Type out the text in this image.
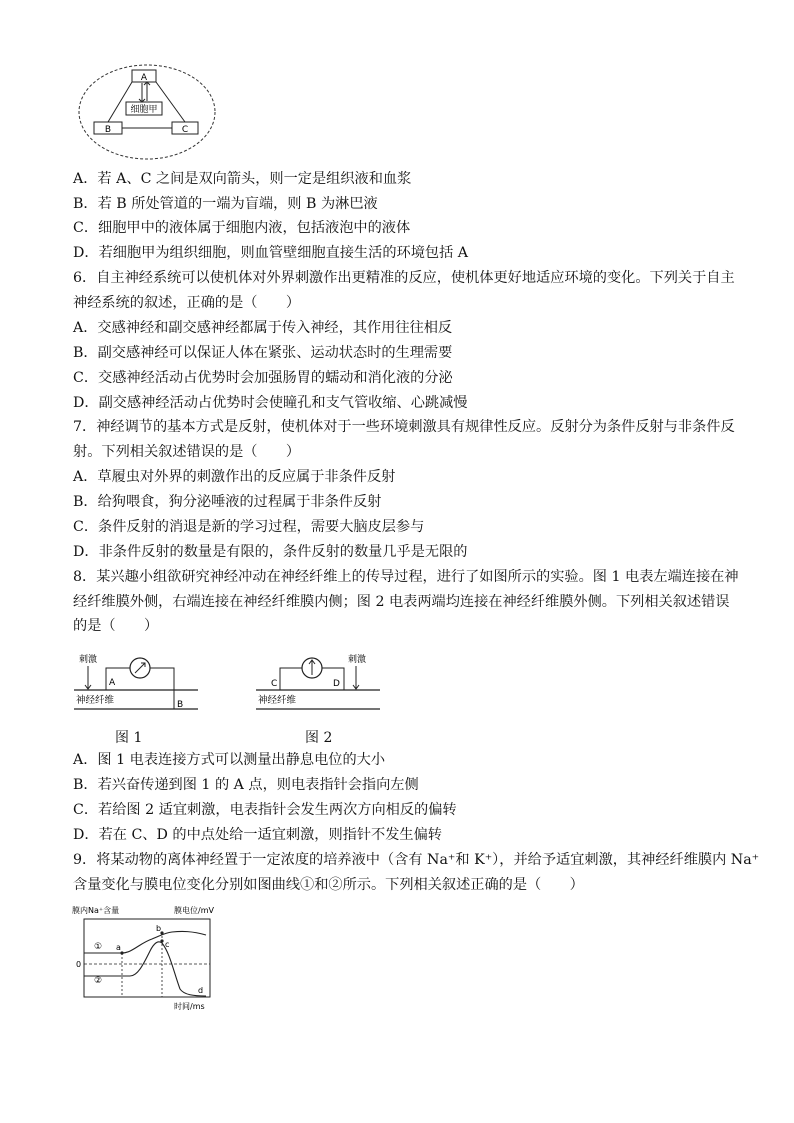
A
B	C
细胞甲
A．若 A、C 之间是双向箭头，则一定是组织液和血浆
B．若 B 所处管道的一端为盲端，则 B 为淋巴液
C．细胞甲中的液体属于细胞内液，包括液泡中的液体
D．若细胞甲为组织细胞，则血管壁细胞直接生活的环境包括 A
6．自主神经系统可以使机体对外界刺激作出更精准的反应，使机体更好地适应环境的变化。下列关于自主
神经系统的叙述，正确的是（　　）
A．交感神经和副交感神经都属于传入神经，其作用往往相反
B．副交感神经可以保证人体在紧张、运动状态时的生理需要
C．交感神经活动占优势时会加强肠胃的蠕动和消化液的分泌
D．副交感神经活动占优势时会使瞳孔和支气管收缩、心跳减慢
7．神经调节的基本方式是反射，使机体对于一些环境刺激具有规律性反应。反射分为条件反射与非条件反
射。下列相关叙述错误的是（　　）
A．草履虫对外界的刺激作出的反应属于非条件反射
B．给狗喂食，狗分泌唾液的过程属于非条件反射
C．条件反射的消退是新的学习过程，需要大脑皮层参与
D．非条件反射的数量是有限的，条件反射的数量几乎是无限的
8．某兴趣小组欲研究神经冲动在神经纤维上的传导过程，进行了如图所示的实验。图 1 电表左端连接在神
经纤维膜外侧，右端连接在神经纤维膜内侧；图 2 电表两端均连接在神经纤维膜外侧。下列相关叙述错误
的是（　　）
刺激
神经纤维
A
B
图 1
刺激
神经纤维
C	D
图 2
A．图 1 电表连接方式可以测量出静息电位的大小
B．若兴奋传递到图 1 的 A 点，则电表指针会指向左侧
C．若给图 2 适宜刺激，电表指针会发生两次方向相反的偏转
D．若在 C、D 的中点处给一适宜刺激，则指针不发生偏转
9．将某动物的离体神经置于一定浓度的培养液中（含有 Na⁺和 K⁺），并给予适宜刺激，其神经纤维膜内 Na⁺
含量变化与膜电位变化分别如图曲线①和②所示。下列相关叙述正确的是（　　）
膜内Na⁺含量	膜电位/mV
0
①
②
a
b
c
d
时间/ms
